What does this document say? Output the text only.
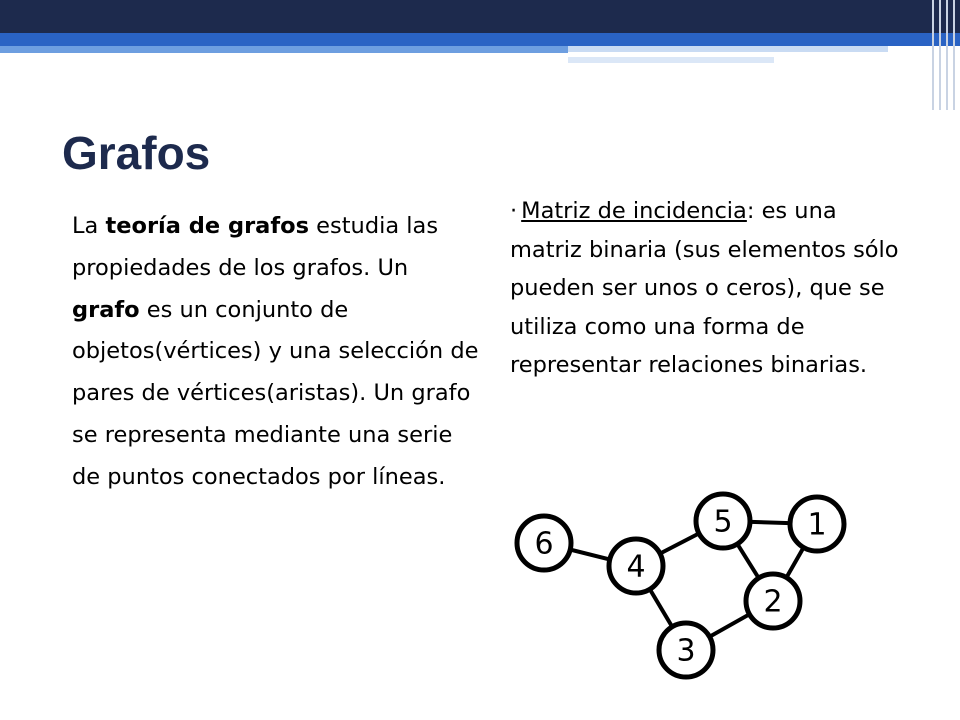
Grafos

La teoría de grafos estudia las propiedades de los grafos. Un grafo es un conjunto de objetos(vértices) y una selección de pares de vértices(aristas). Un grafo se representa mediante una serie de puntos conectados por líneas.

· Matriz de incidencia: es una matriz binaria (sus elementos sólo pueden ser unos o ceros), que se utiliza como una forma de representar relaciones binarias.

6
4
5 1
2
3
